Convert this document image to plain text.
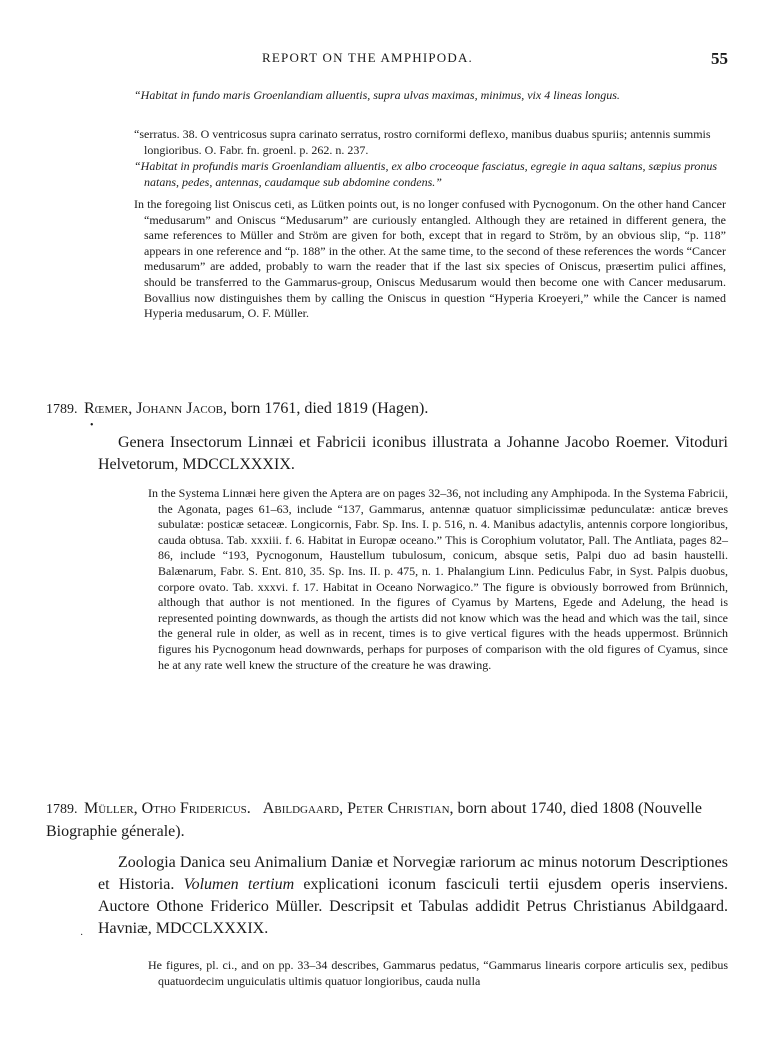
REPORT ON THE AMPHIPODA.	55
“Habitat in fundo maris Groenlandiam alluentis, supra ulvas maximas, minimus, vix 4 lineas longus.
“serratus. 38. O ventricosus supra carinato serratus, rostro corniformi deflexo, manibus duabus spuriis; antennis summis longioribus. O. Fabr. fn. groenl. p. 262. n. 237.
“Habitat in profundis maris Groenlandiam alluentis, ex albo croceoque fasciatus, egregie in aqua saltans, sæpius pronus natans, pedes, antennas, caudamque sub abdomine condens.”
In the foregoing list Oniscus ceti, as Lütken points out, is no longer confused with Pycnogonum. On the other hand Cancer “medusarum” and Oniscus “Medusarum” are curiously entangled. Although they are retained in different genera, the same references to Müller and Ström are given for both, except that in regard to Ström, by an obvious slip, “p. 118” appears in one reference and “p. 188” in the other. At the same time, to the second of these references the words “Cancer medusarum” are added, probably to warn the reader that if the last six species of Oniscus, præsertim pulici affines, should be transferred to the Gammarus-group, Oniscus Medusarum would then become one with Cancer medusarum. Bovallius now distinguishes them by calling the Oniscus in question “Hyperia Kroeyeri,” while the Cancer is named Hyperia medusarum, O. F. Müller.
1789. Rœmer, Johann Jacob, born 1761, died 1819 (Hagen).
•
Genera Insectorum Linnæi et Fabricii iconibus illustrata a Johanne Jacobo Roemer. Vitoduri Helvetorum, MDCCLXXXIX.
In the Systema Linnæi here given the Aptera are on pages 32–36, not including any Amphipoda. In the Systema Fabricii, the Agonata, pages 61–63, include “137, Gammarus, antennæ quatuor simplicissimæ pedunculatæ: anticæ breves subulatæ: posticæ setaceæ. Longicornis, Fabr. Sp. Ins. I. p. 516, n. 4. Manibus adactylis, antennis corpore longioribus, cauda obtusa. Tab. xxxiii. f. 6. Habitat in Europæ oceano.” This is Corophium volutator, Pall. The Antliata, pages 82–86, include “193, Pycnogonum, Haustellum tubulosum, conicum, absque setis, Palpi duo ad basin haustelli. Balænarum, Fabr. S. Ent. 810, 35. Sp. Ins. II. p. 475, n. 1. Phalangium Linn. Pediculus Fabr, in Syst. Palpis duobus, corpore ovato. Tab. xxxvi. f. 17. Habitat in Oceano Norwagico.” The figure is obviously borrowed from Brünnich, although that author is not mentioned. In the figures of Cyamus by Martens, Egede and Adelung, the head is represented pointing downwards, as though the artists did not know which was the head and which was the tail, since the general rule in older, as well as in recent, times is to give vertical figures with the heads uppermost. Brünnich figures his Pycnogonum head downwards, perhaps for purposes of comparison with the old figures of Cyamus, since he at any rate well knew the structure of the creature he was drawing.
1789. Müller, Otho Fridericus. Abildgaard, Peter Christian, born about 1740, died 1808 (Nouvelle Biographie génerale).
Zoologia Danica seu Animalium Daniæ et Norvegiæ rariorum ac minus notorum Descriptiones et Historia. Volumen tertium explicationi iconum fasciculi tertii ejusdem operis inserviens. Auctore Othone Friderico Müller. Descripsit et Tabulas addidit Petrus Christianus Abildgaard. Havniæ, MDCCLXXXIX.
·
He figures, pl. ci., and on pp. 33–34 describes, Gammarus pedatus, “Gammarus linearis corpore articulis sex, pedibus quatuordecim unguiculatis ultimis quatuor longioribus, cauda nulla
